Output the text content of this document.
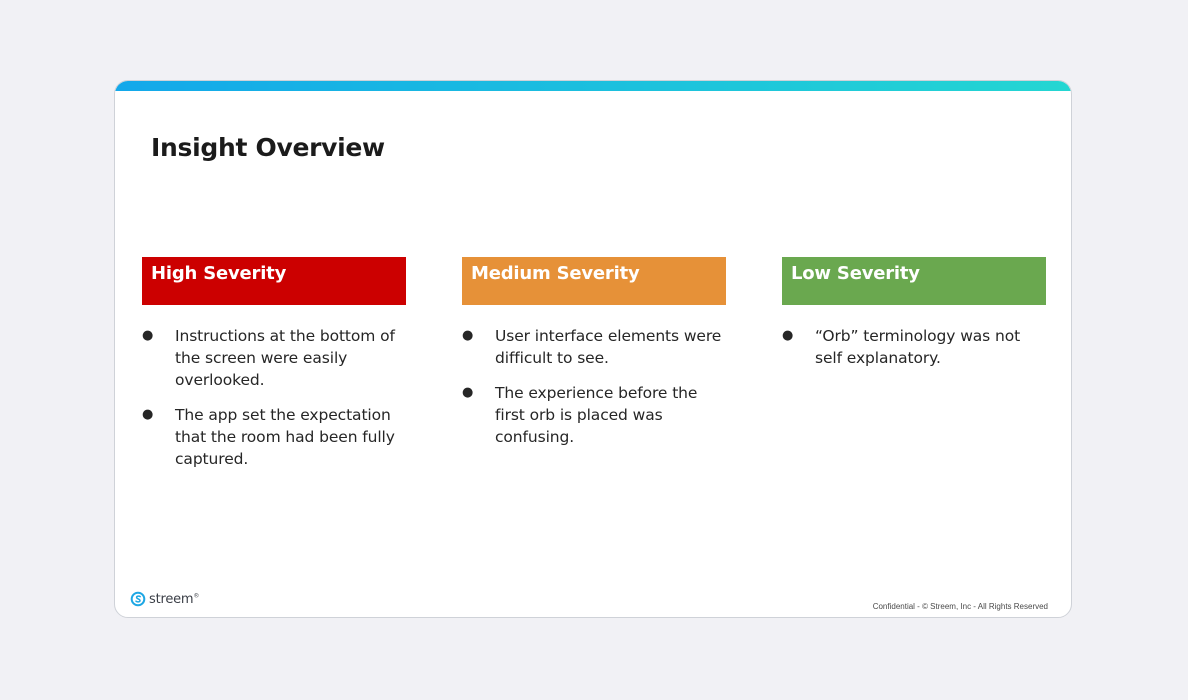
Insight Overview
High Severity
● Instructions at the bottom of the screen were easily overlooked.
● The app set the expectation that the room had been fully captured.
Medium Severity
● User interface elements were difficult to see.
● The experience before the first orb is placed was confusing.
Low Severity
● “Orb” terminology was not self explanatory.
streem®
Confidential - © Streem, Inc - All Rights Reserved
